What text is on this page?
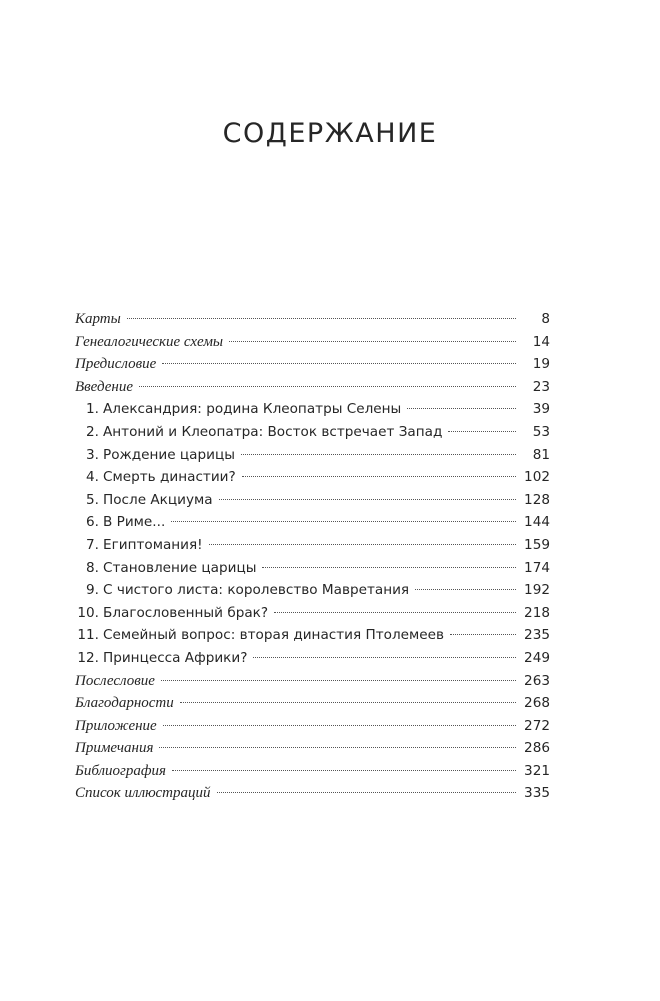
СОДЕРЖАНИЕ
Карты	8
Генеалогические схемы	14
Предисловие	19
Введение	23
1. Александрия: родина Клеопатры Селены	39
2. Антоний и Клеопатра: Восток встречает Запад	53
3. Рождение царицы	81
4. Смерть династии?	102
5. После Акциума	128
6. В Риме...	144
7. Египтомания!	159
8. Становление царицы	174
9. С чистого листа: королевство Мавретания	192
10. Благословенный брак?	218
11. Семейный вопрос: вторая династия Птолемеев	235
12. Принцесса Африки?	249
Послесловие	263
Благодарности	268
Приложение	272
Примечания	286
Библиография	321
Список иллюстраций	335
